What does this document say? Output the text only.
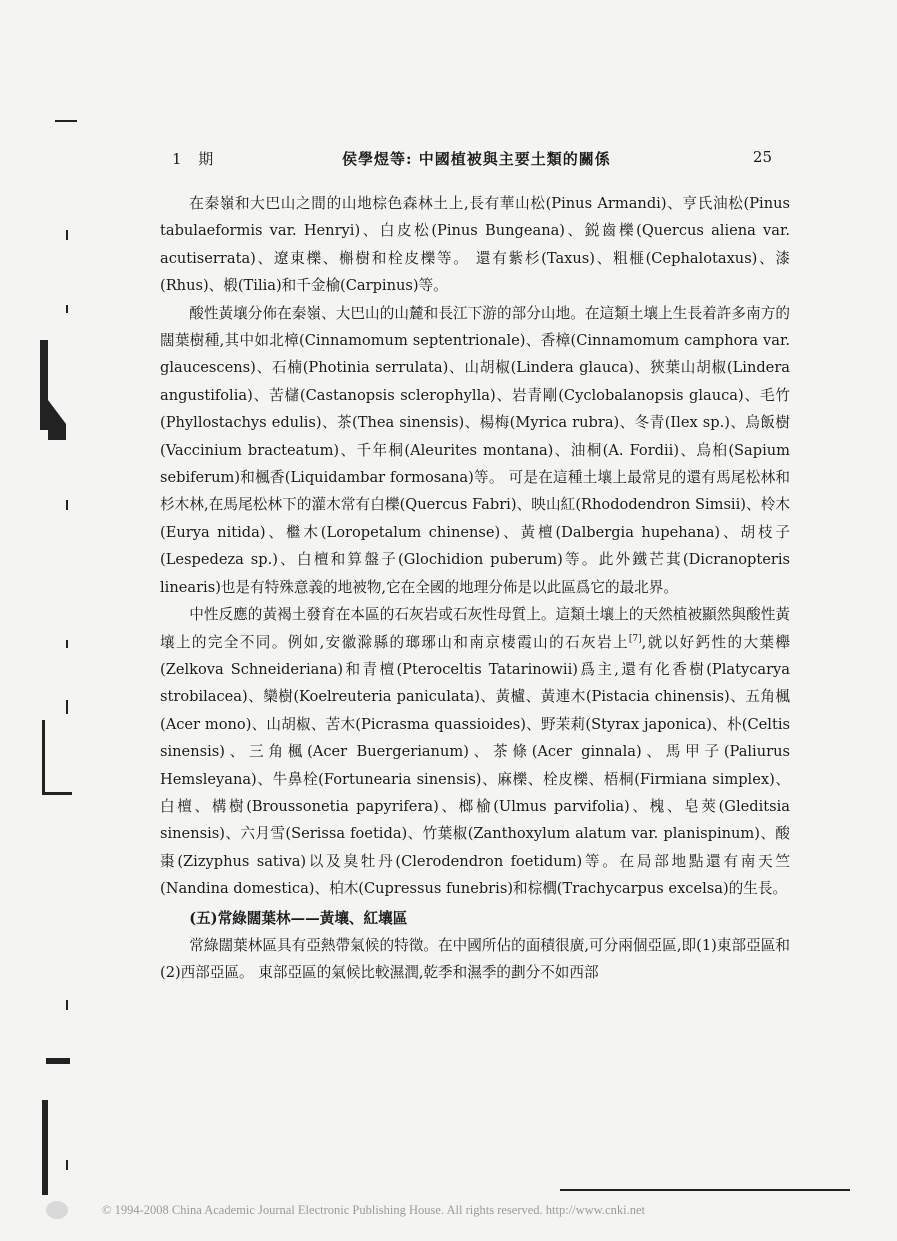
1 期	侯學煜等: 中國植被與主要土類的關係	25

在秦嶺和大巴山之間的山地棕色森林土上,長有華山松(Pinus Armandi)、亨氏油松(Pinus tabulaeformis var. Henryi)、白皮松(Pinus Bungeana)、鋭齒櫟(Quercus aliena var. acutiserrata)、遼東櫟、槲樹和栓皮櫟等。 還有紫杉(Taxus)、粗榧(Cephalotaxus)、漆(Rhus)、椴(Tilia)和千金榆(Carpinus)等。

酸性黃壤分佈在秦嶺、大巴山的山麓和長江下游的部分山地。在這類土壤上生長着許多南方的闊葉樹種,其中如北樟(Cinnamomum septentrionale)、香樟(Cinnamomum camphora var. glaucescens)、石楠(Photinia serrulata)、山胡椒(Lindera glauca)、狹葉山胡椒(Lindera angustifolia)、苦櫧(Castanopsis sclerophylla)、岩青剛(Cyclobalanopsis glauca)、毛竹(Phyllostachys edulis)、茶(Thea sinensis)、楊梅(Myrica rubra)、冬青(Ilex sp.)、烏飯樹(Vaccinium bracteatum)、千年桐(Aleurites montana)、油桐(A. Fordii)、烏桕(Sapium sebiferum)和楓香(Liquidambar formosana)等。 可是在這種土壤上最常見的還有馬尾松林和杉木林,在馬尾松林下的灌木常有白櫟(Quercus Fabri)、映山紅(Rhododendron Simsii)、柃木(Eurya nitida)、檵木(Loropetalum chinense)、黃檀(Dalbergia hupehana)、胡枝子(Lespedeza sp.)、白檀和算盤子(Glochidion puberum)等。此外鐵芒萁(Dicranopteris linearis)也是有特殊意義的地被物,它在全國的地理分佈是以此區爲它的最北界。

中性反應的黃褐土發育在本區的石灰岩或石灰性母質上。這類土壤上的天然植被顯然與酸性黃壤上的完全不同。例如,安徽滁縣的瑯琊山和南京棲霞山的石灰岩上[7],就以好鈣性的大葉櫸(Zelkova Schneideriana)和青檀(Pteroceltis Tatarinowii)爲主,還有化香樹(Platycarya strobilacea)、欒樹(Koelreuteria paniculata)、黃櫨、黃連木(Pistacia chinensis)、五角楓(Acer mono)、山胡椒、苦木(Picrasma quassioides)、野茉莉(Styrax japonica)、朴(Celtis sinensis)、三角楓(Acer Buergerianum)、茶條(Acer ginnala)、馬甲子(Paliurus Hemsleyana)、牛鼻栓(Fortunearia sinensis)、麻櫟、栓皮櫟、梧桐(Firmiana simplex)、白檀、構樹(Broussonetia papyrifera)、榔榆(Ulmus parvifolia)、槐、皂莢(Gleditsia sinensis)、六月雪(Serissa foetida)、竹葉椒(Zanthoxylum alatum var. planispinum)、酸棗(Zizyphus sativa)以及臭牡丹(Clerodendron foetidum)等。在局部地點還有南天竺(Nandina domestica)、柏木(Cupressus funebris)和棕櫚(Trachycarpus excelsa)的生長。

(五)常綠闊葉林——黃壤、紅壤區

常綠闊葉林區具有亞熱帶氣候的特徵。在中國所佔的面積很廣,可分兩個亞區,即(1)東部亞區和(2)西部亞區。 東部亞區的氣候比較濕潤,乾季和濕季的劃分不如西部

© 1994-2008 China Academic Journal Electronic Publishing House. All rights reserved. http://www.cnki.net
